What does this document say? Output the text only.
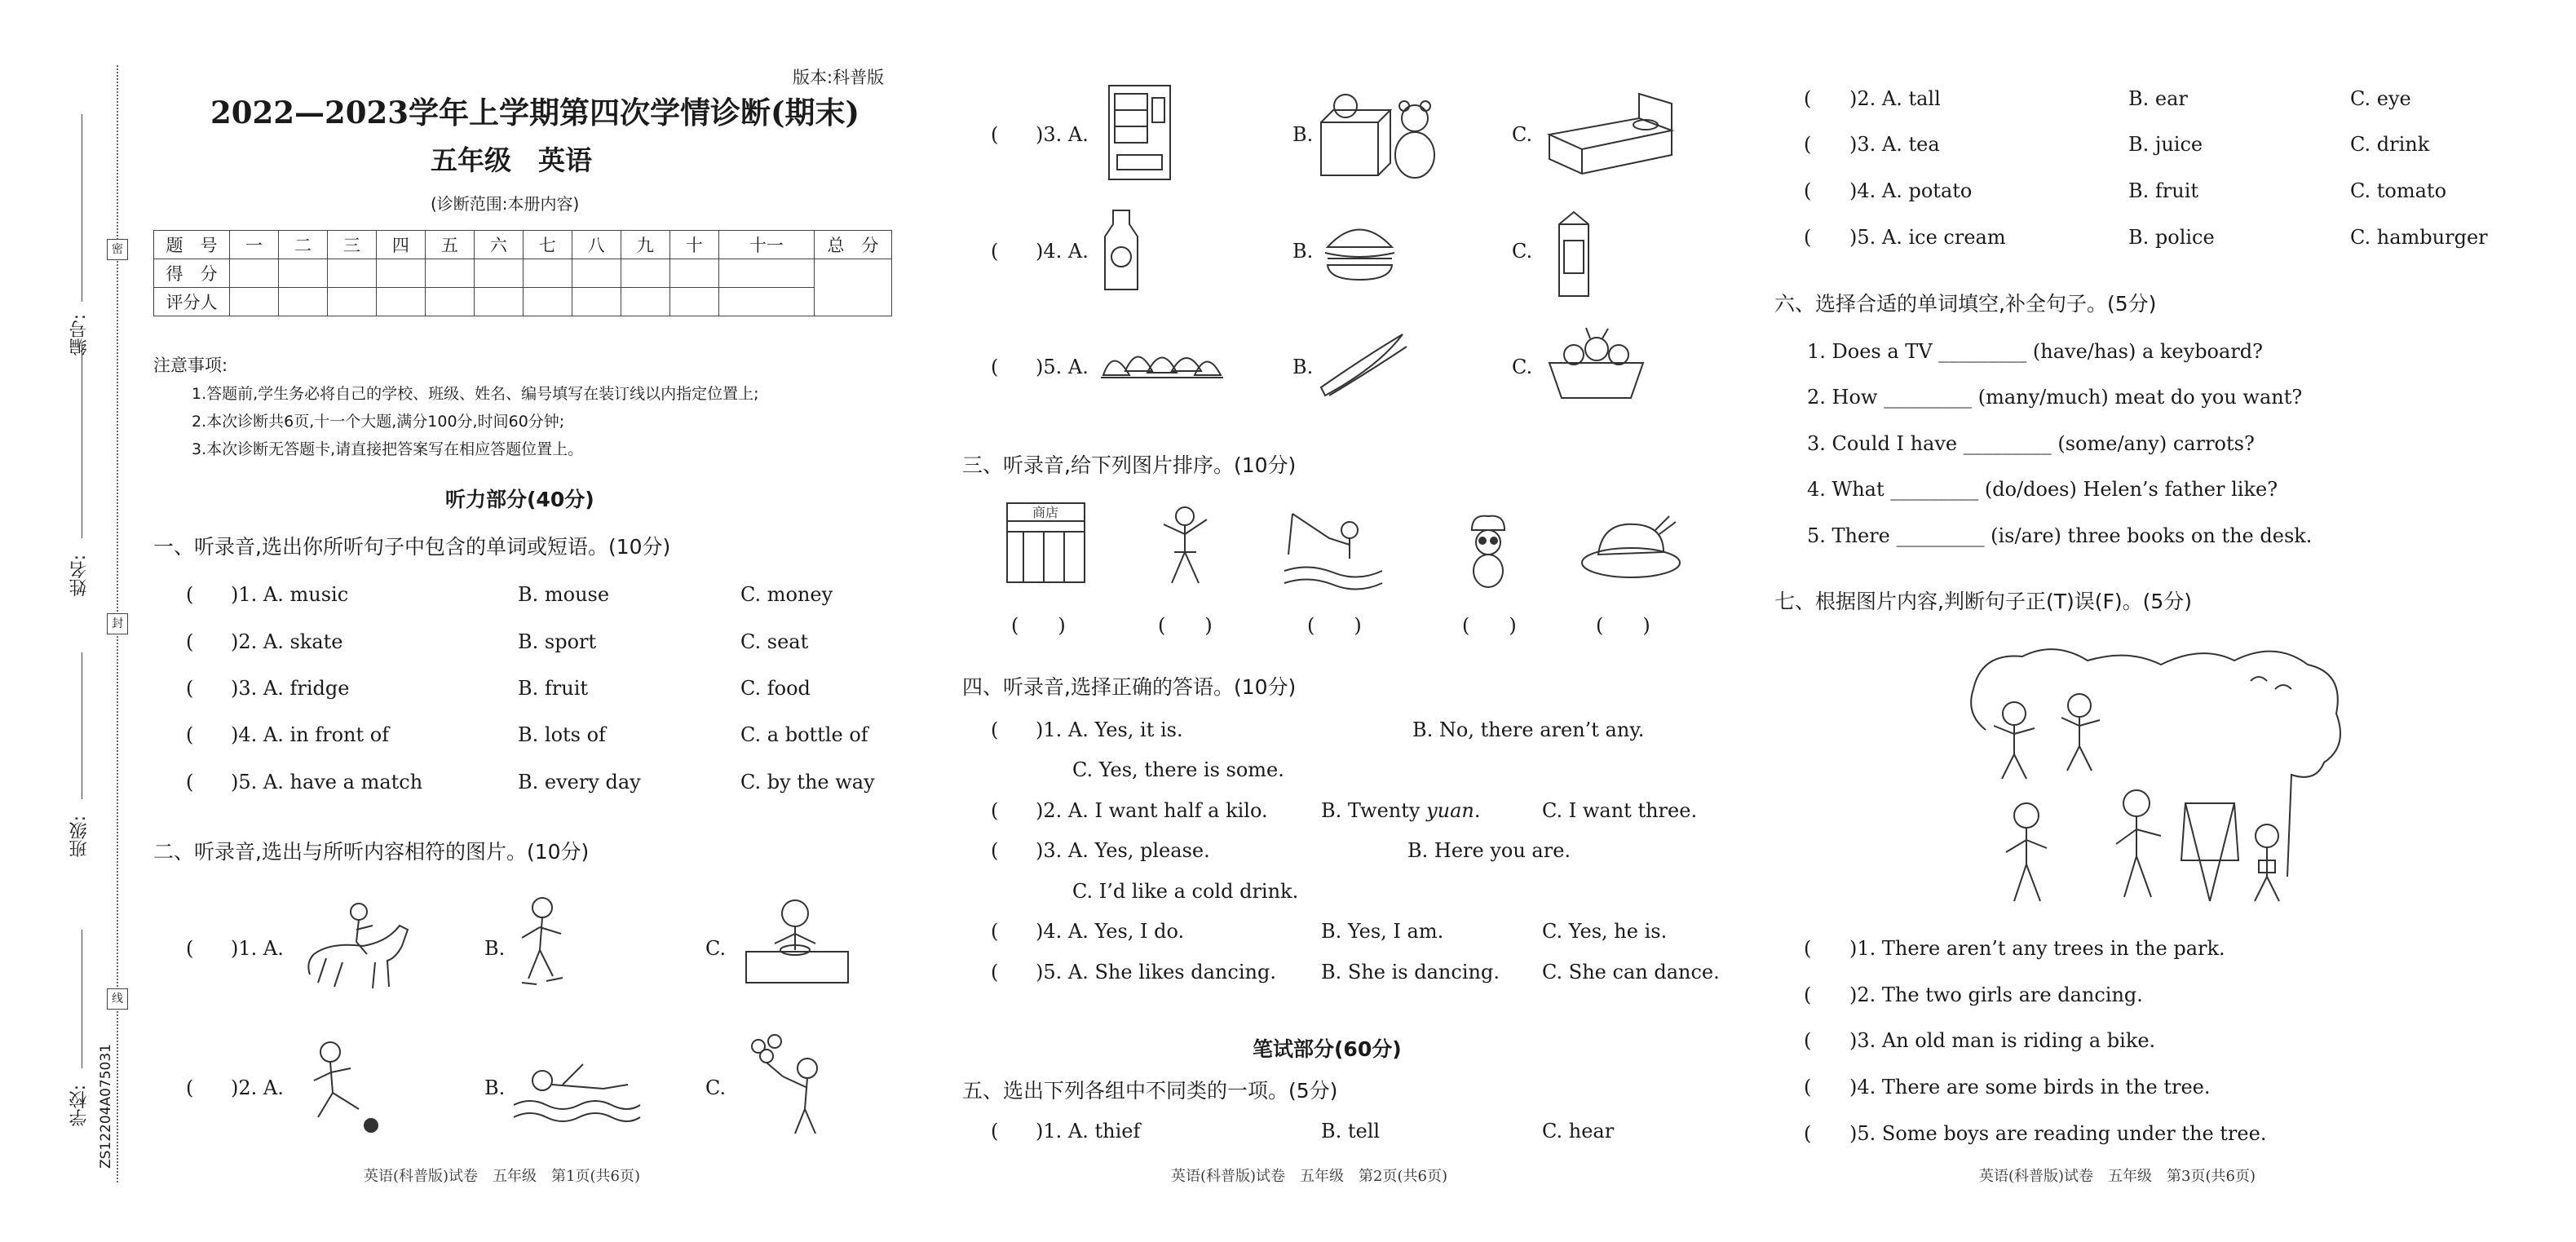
密
封
线
编号:
姓名:
班级:
学校: ZS12204A075031
版本:科普版
2022—2023学年上学期第四次学情诊断(期末)
五年级　英语
(诊断范围:本册内容)
题　号	一	二	三	四	五	六	七	八	九	十	十一	总　分
得　分												
评分人												
注意事项:
1.答题前,学生务必将自己的学校、班级、姓名、编号填写在装订线以内指定位置上;
2.本次诊断共6页,十一个大题,满分100分,时间60分钟;
3.本次诊断无答题卡,请直接把答案写在相应答题位置上。
听力部分(40分)
一、听录音,选出你所听句子中包含的单词或短语。(10分)
( )1. A. music	B. mouse	C. money
( )2. A. skate	B. sport	C. seat
( )3. A. fridge	B. fruit	C. food
( )4. A. in front of	B. lots of	C. a bottle of
( )5. A. have a match	B. every day	C. by the way
二、听录音,选出与所听内容相符的图片。(10分)
( )1. A.	B.	C.
( )2. A.	B.	C.
英语(科普版)试卷　五年级　第1页(共6页)
( )3. A.	B.	C.
( )4. A.	B.	C.
( )5. A.	B.	C.
三、听录音,给下列图片排序。(10分)
商店
(　　)	(　　)	(　　)	(　　)	(　　)
四、听录音,选择正确的答语。(10分)
( )1. A. Yes, it is.	B. No, there aren’t any.
C. Yes, there is some.
( )2. A. I want half a kilo.	B. Twenty yuan.	C. I want three.
( )3. A. Yes, please.	B. Here you are.
C. I’d like a cold drink.
( )4. A. Yes, I do.	B. Yes, I am.	C. Yes, he is.
( )5. A. She likes dancing. B. She is dancing. C. She can dance.
笔试部分(60分)
五、选出下列各组中不同类的一项。(5分)
( )1. A. thief	B. tell	C. hear
英语(科普版)试卷　五年级　第2页(共6页)
( )2. A. tall	B. ear	C. eye
( )3. A. tea	B. juice	C. drink
( )4. A. potato	B. fruit	C. tomato
( )5. A. ice cream	B. police	C. hamburger
六、选择合适的单词填空,补全句子。(5分)
1. Does a TV _________ (have/has) a keyboard?
2. How _________ (many/much) meat do you want?
3. Could I have _________ (some/any) carrots?
4. What _________ (do/does) Helen’s father like?
5. There _________ (is/are) three books on the desk.
七、根据图片内容,判断句子正(T)误(F)。(5分)
( )1. There aren’t any trees in the park.
( )2. The two girls are dancing.
( )3. An old man is riding a bike.
( )4. There are some birds in the tree.
( )5. Some boys are reading under the tree.
英语(科普版)试卷　五年级　第3页(共6页)
